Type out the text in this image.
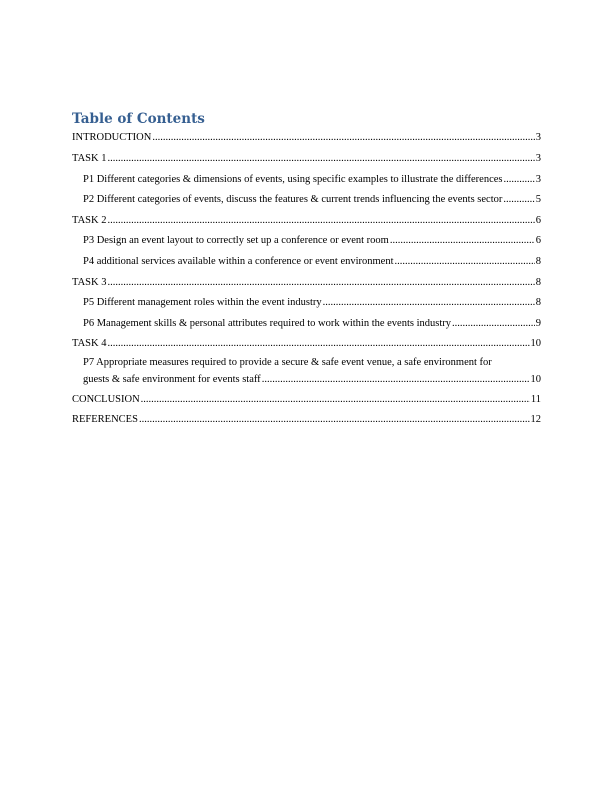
Table of Contents
INTRODUCTION .....	3
TASK 1 .....	3
P1 Different categories & dimensions of events, using specific examples to illustrate the differences .....	3
P2 Different categories of events, discuss the features & current trends influencing the events sector .....	5
TASK 2 .....	6
P3 Design an event layout to correctly set up a conference or event room .....	6
P4 additional services available within a conference or event environment .....	8
TASK 3 .....	8
P5 Different management roles within the event industry .....	8
P6 Management skills & personal attributes required to work within the events industry .....	9
TASK 4 .....	10
P7 Appropriate measures required to provide a secure & safe event venue, a safe environment for
guests & safe environment for events staff .....	10
CONCLUSION .....	11
REFERENCES .....	12
